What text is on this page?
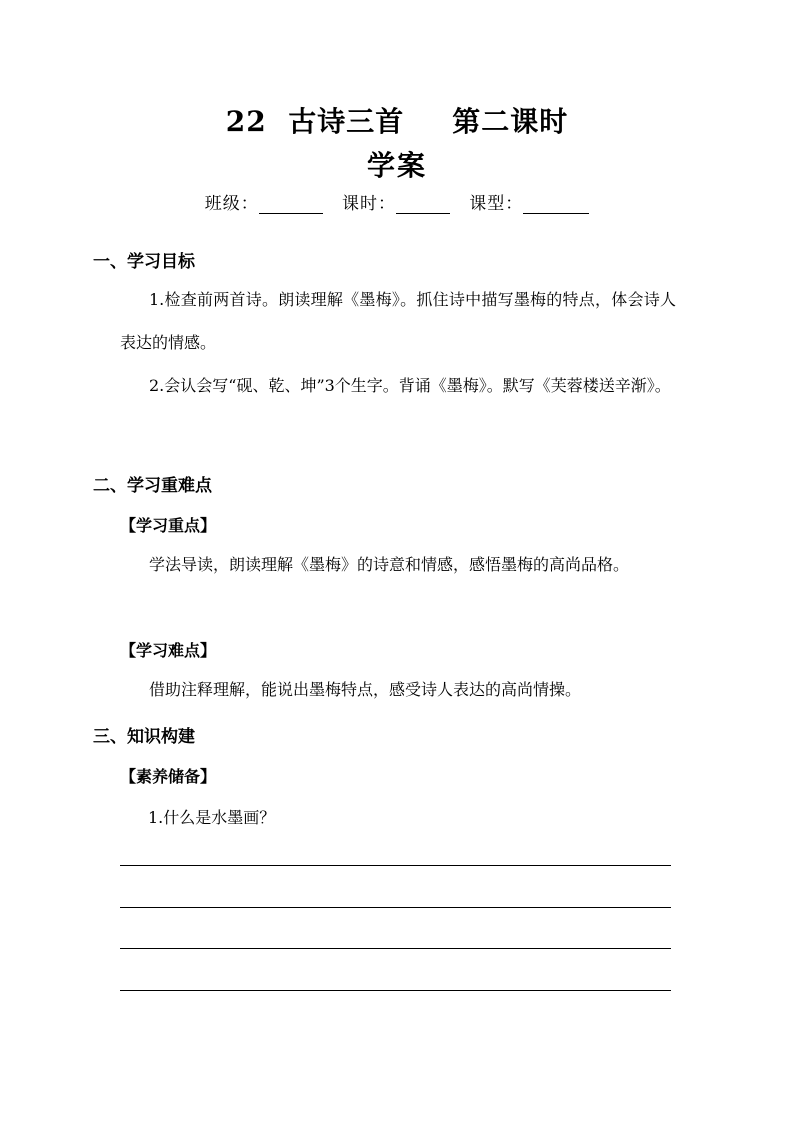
22 古诗三首 第二课时
学案
班级：	课时：	课型：
一、学习目标
1.检查前两首诗。朗读理解《墨梅》。抓住诗中描写墨梅的特点，体会诗人表达的情感。
2.会认会写“砚、乾、坤”3个生字。背诵《墨梅》。默写《芙蓉楼送辛渐》。
二、学习重难点
【学习重点】
学法导读，朗读理解《墨梅》的诗意和情感，感悟墨梅的高尚品格。
【学习难点】
借助注释理解，能说出墨梅特点，感受诗人表达的高尚情操。
三、知识构建
【素养储备】
1.什么是水墨画？
